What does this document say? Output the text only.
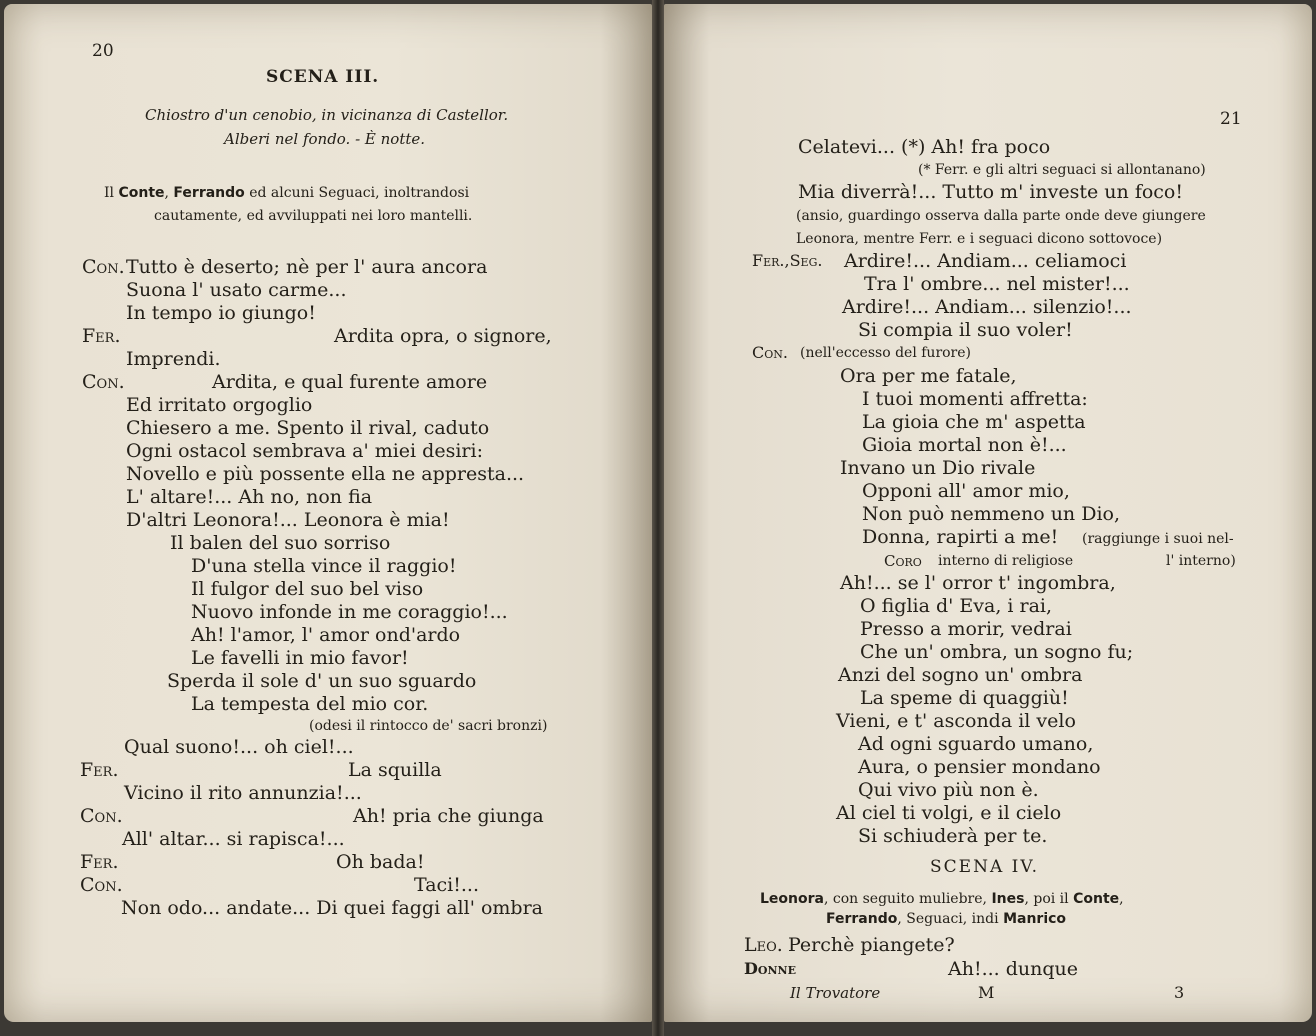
20
SCENA III.
Chiostro d'un cenobio, in vicinanza di Castellor.
Alberi nel fondo. - È notte.
Il Conte, Ferrando ed alcuni Seguaci, inoltrandosi
cautamente, ed avviluppati nei loro mantelli.
Con. Tutto è deserto; nè per l' aura ancora
Suona l' usato carme...
In tempo io giungo!
Fer.	Ardita opra, o signore,
Imprendi.
Con.	Ardita, e qual furente amore
Ed irritato orgoglio
Chiesero a me. Spento il rival, caduto
Ogni ostacol sembrava a' miei desiri:
Novello e più possente ella ne appresta...
L' altare!... Ah no, non fia
D'altri Leonora!... Leonora è mia!
Il balen del suo sorriso
D'una stella vince il raggio!
Il fulgor del suo bel viso
Nuovo infonde in me coraggio!...
Ah! l'amor, l' amor ond'ardo
Le favelli in mio favor!
Sperda il sole d' un suo sguardo
La tempesta del mio cor.
(odesi il rintocco de' sacri bronzi)
Qual suono!... oh ciel!...
Fer.	La squilla
Vicino il rito annunzia!...
Con.	Ah! pria che giunga
All' altar... si rapisca!...
Fer.	Oh bada!
Con.	Taci!...
Non odo... andate... Di quei faggi all' ombra
21
Celatevi... (*) Ah! fra poco
(* Ferr. e gli altri seguaci si allontanano)
Mia diverrà!... Tutto m' investe un foco!
(ansio, guardingo osserva dalla parte onde deve giungere
Leonora, mentre Ferr. e i seguaci dicono sottovoce)
Fer.,Seg. Ardire!... Andiam... celiamoci
Tra l' ombre... nel mister!...
Ardire!... Andiam... silenzio!...
Si compia il suo voler!
Con. (nell'eccesso del furore)
Ora per me fatale,
I tuoi momenti affretta:
La gioia che m' aspetta
Gioia mortal non è!...
Invano un Dio rivale
Opponi all' amor mio,
Non può nemmeno un Dio,
Donna, rapirti a me! (raggiunge i suoi nel-
Coro interno di religiose	l' interno)
Ah!... se l' orror t' ingombra,
O figlia d' Eva, i rai,
Presso a morir, vedrai
Che un' ombra, un sogno fu;
Anzi del sogno un' ombra
La speme di quaggiù!
Vieni, e t' asconda il velo
Ad ogni sguardo umano,
Aura, o pensier mondano
Qui vivo più non è.
Al ciel ti volgi, e il cielo
Si schiuderà per te.
SCENA IV.
Leonora, con seguito muliebre, Ines, poi il Conte,
Ferrando, Seguaci, indi Manrico
Leo. Perchè piangete?
Donne	Ah!... dunque
Il Trovatore	M	3
